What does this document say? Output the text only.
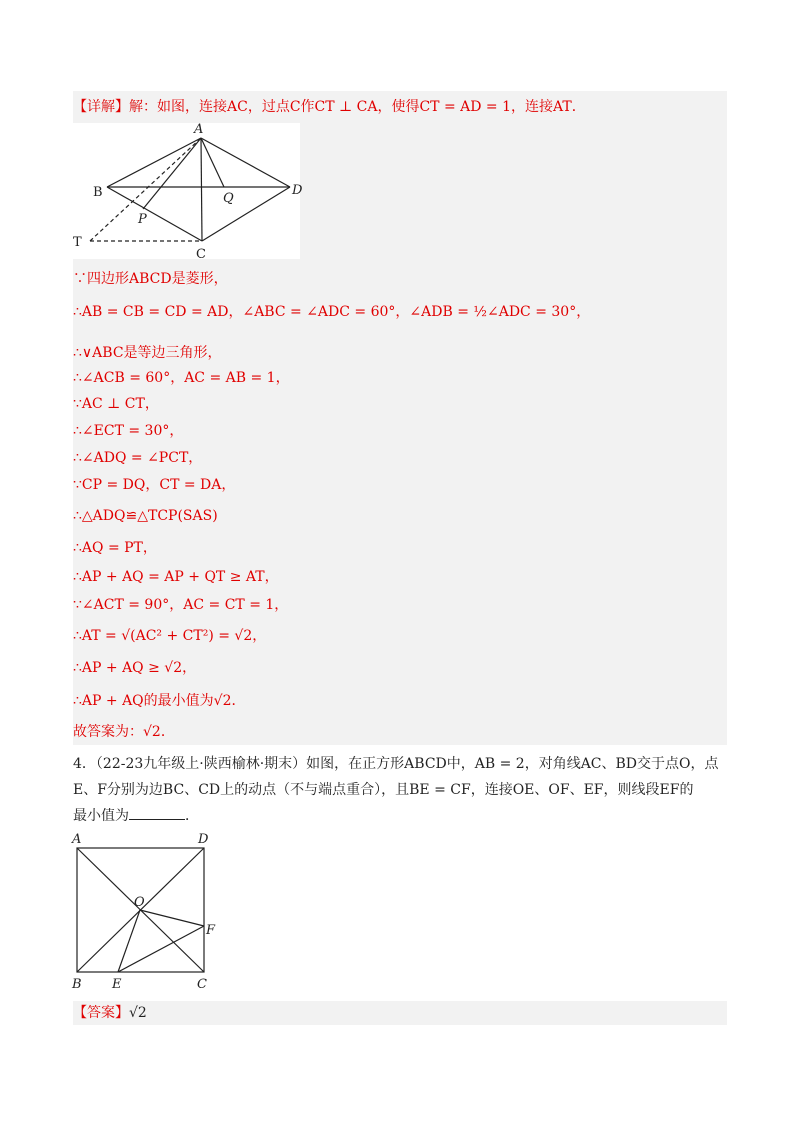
【详解】解：如图，连接AC，过点C作CT ⊥ CA，使得CT = AD = 1，连接AT．
A
B	D
Q
P
T
C
∵四边形ABCD是菱形，
∴AB = CB = CD = AD，∠ABC = ∠ADC = 60°，∠ADB = ½∠ADC = 30°，
∴∨ABC是等边三角形，
∴∠ACB = 60°，AC = AB = 1，
∵AC ⊥ CT，
∴∠ECT = 30°，
∴∠ADQ = ∠PCT，
∵CP = DQ，CT = DA，
∴△ADQ≌△TCP(SAS)
∴AQ = PT，
∴AP + AQ = AP + QT ≥ AT，
∵∠ACT = 90°，AC = CT = 1，
∴AT = √(AC² + CT²) = √2，
∴AP + AQ ≥ √2，
∴AP + AQ的最小值为√2．
故答案为：√2．
4．（22-23九年级上·陕西榆林·期末）如图，在正方形ABCD中，AB = 2，对角线AC、BD交于点O，点
E、F分别为边BC、CD上的动点（不与端点重合），且BE = CF，连接OE、OF、EF，则线段EF的
最小值为	．
A	D
O
F
B E	C
【答案】√2
